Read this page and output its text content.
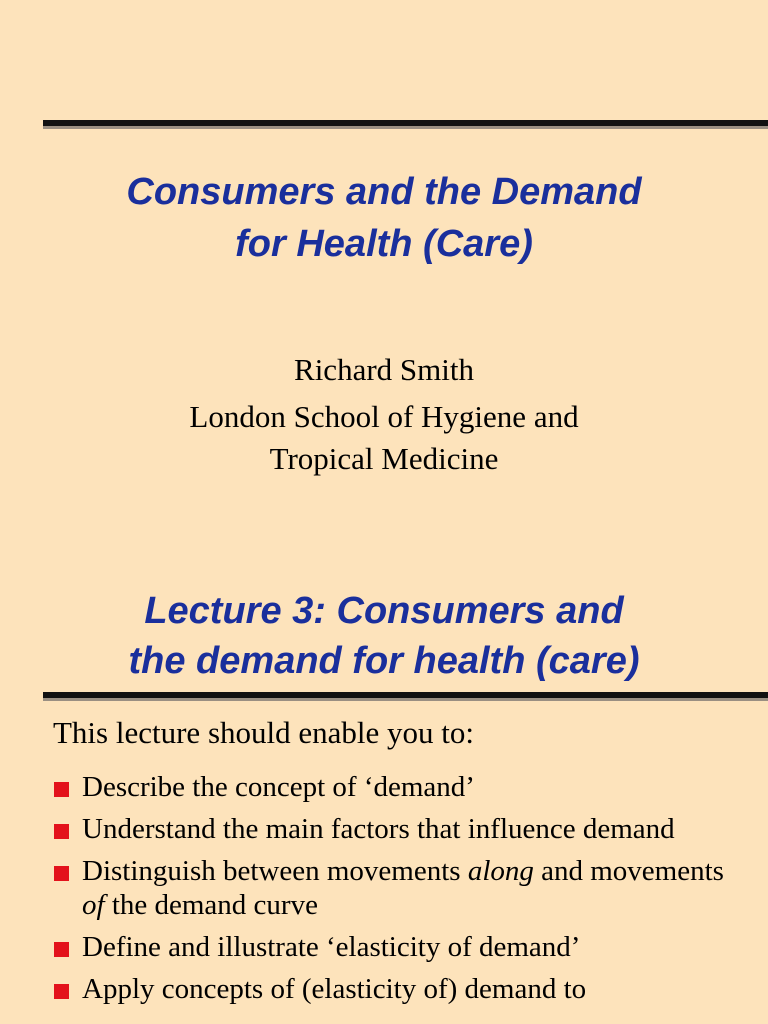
Consumers and the Demand
for Health (Care)
Richard Smith
London School of Hygiene and
Tropical Medicine
Lecture 3: Consumers and
the demand for health (care)
This lecture should enable you to:
Describe the concept of ‘demand’
Understand the main factors that influence demand
Distinguish between movements along and movements of the demand curve
Define and illustrate ‘elasticity of demand’
Apply concepts of (elasticity of) demand to
